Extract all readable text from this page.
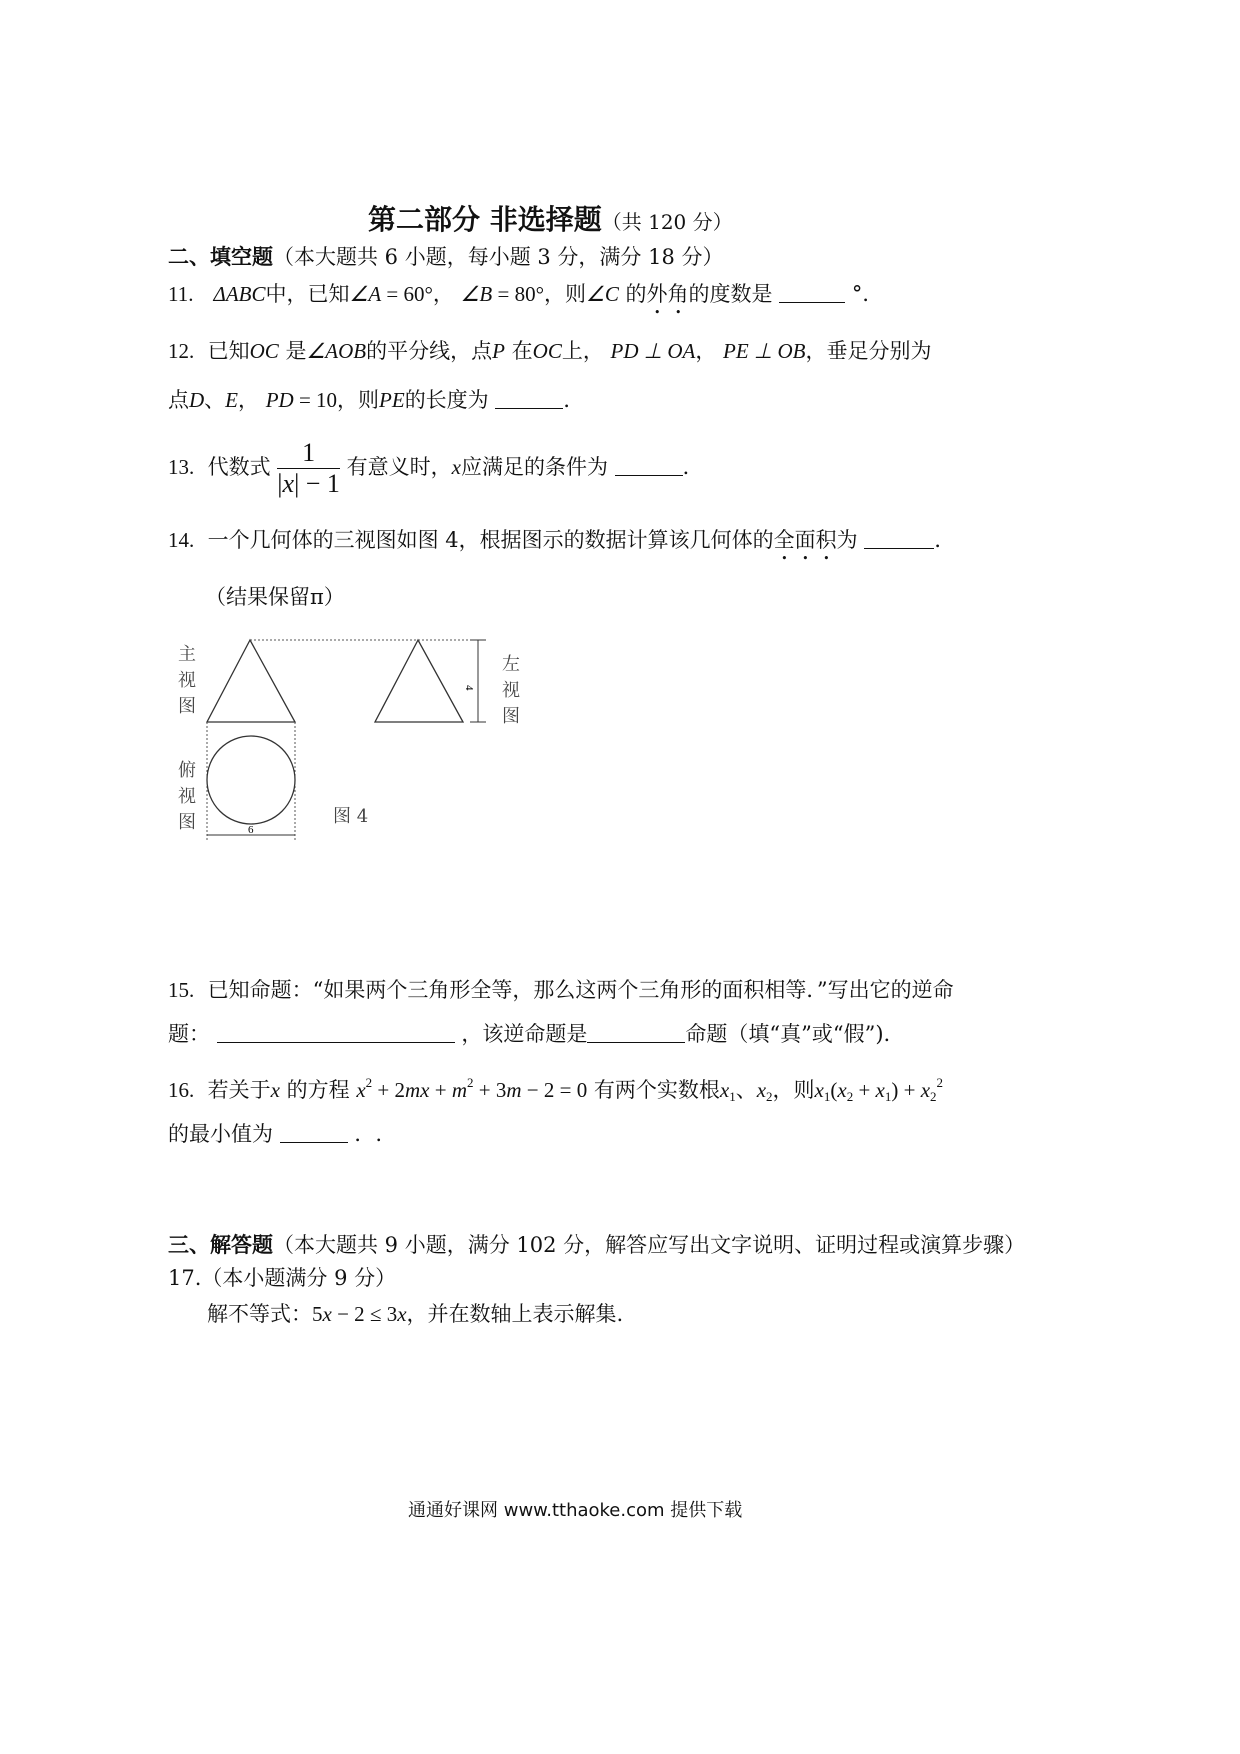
第二部分 非选择题（共 120 分）
二、填空题（本大题共 6 小题，每小题 3 分，满分 18 分）
11. ΔABC中，已知∠A = 60°， ∠B = 80°，则∠C 的外角的度数是	°．
12. 已知OC 是∠AOB的平分线，点P 在OC上， PD ⊥ OA， PE ⊥ OB，垂足分别为
点D、E， PD = 10，则PE的长度为	．
13. 代数式 $\frac{1}{|x| - 1}$ 有意义时，x应满足的条件为	．
14. 一个几何体的三视图如图 4，根据图示的数据计算该几何体的全面积为	．
（结果保留π）
4
6
主
视
图
左
视
图
俯
视
图	图 4
15. 已知命题：“如果两个三角形全等，那么这两个三角形的面积相等．”写出它的逆命
题：	，该逆命题是	命题（填“真”或“假”).
16. 若关于x 的方程 $x^2 + 2mx + m^2 + 3m - 2 = 0$ 有两个实数根$x_1$、$x_2$，则$x_1(x_2 + x_1) + x_2^2$
的最小值为	．.
三、解答题（本大题共 9 小题，满分 102 分，解答应写出文字说明、证明过程或演算步骤）
17.（本小题满分 9 分）
解不等式：5x − 2 ≤ 3x，并在数轴上表示解集.
通通好课网 www.tthaoke.com 提供下载
